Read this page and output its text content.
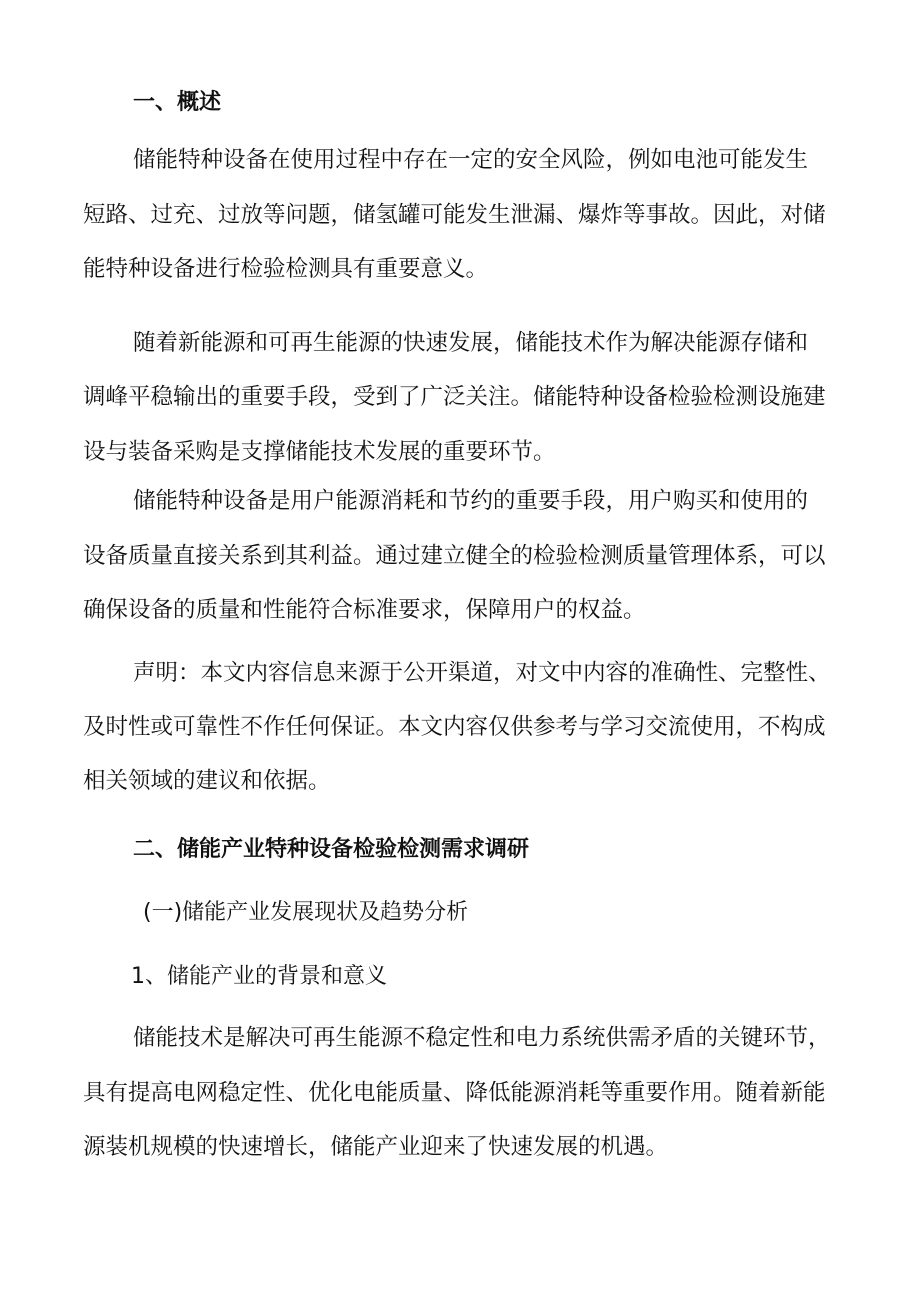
一、概述
储能特种设备在使用过程中存在一定的安全风险，例如电池可能发生
短路、过充、过放等问题，储氢罐可能发生泄漏、爆炸等事故。因此，对储
能特种设备进行检验检测具有重要意义。
随着新能源和可再生能源的快速发展，储能技术作为解决能源存储和
调峰平稳输出的重要手段，受到了广泛关注。储能特种设备检验检测设施建
设与装备采购是支撑储能技术发展的重要环节。
储能特种设备是用户能源消耗和节约的重要手段，用户购买和使用的
设备质量直接关系到其利益。通过建立健全的检验检测质量管理体系，可以
确保设备的质量和性能符合标准要求，保障用户的权益。
声明：本文内容信息来源于公开渠道，对文中内容的准确性、完整性、
及时性或可靠性不作任何保证。本文内容仅供参考与学习交流使用，不构成
相关领域的建议和依据。
二、储能产业特种设备检验检测需求调研
(一)储能产业发展现状及趋势分析
1、储能产业的背景和意义
储能技术是解决可再生能源不稳定性和电力系统供需矛盾的关键环节，
具有提高电网稳定性、优化电能质量、降低能源消耗等重要作用。随着新能
源装机规模的快速增长，储能产业迎来了快速发展的机遇。
